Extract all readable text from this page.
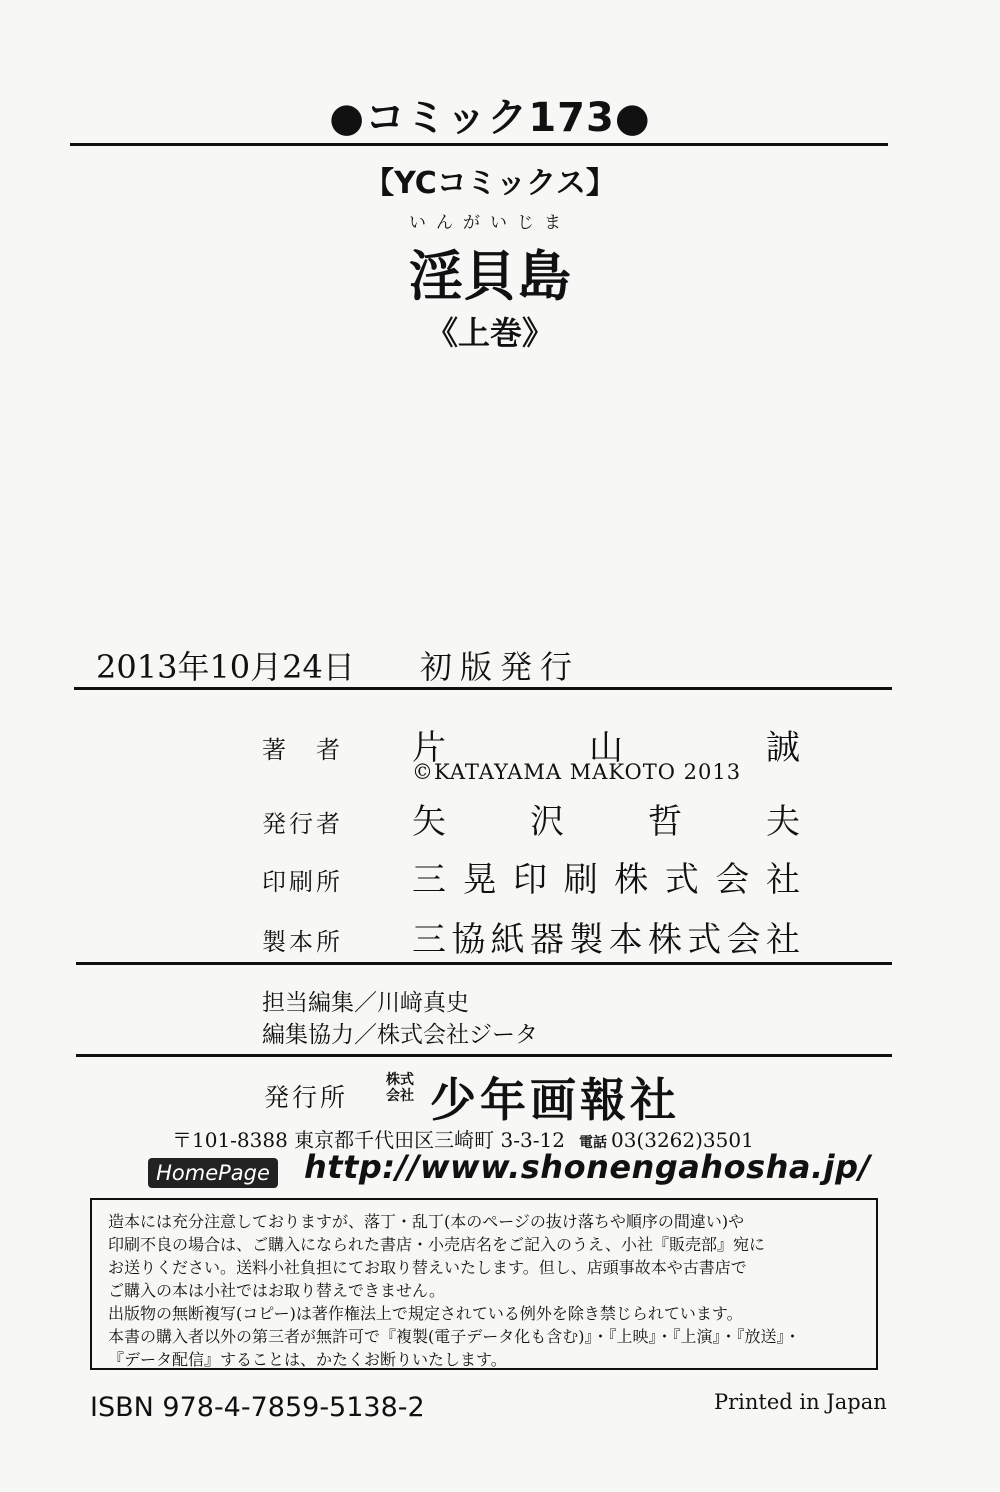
●コミック173●
【YCコミックス】
いんがいじま
淫貝島
《上巻》
2013年10月24日 初版発行
著　者 片	山	誠
©KATAYAMA MAKOTO 2013
発行者 矢 沢 哲 夫
印刷所 三 晃 印 刷 株 式 会 社
製本所 三 協 紙 器 製 本 株 式 会 社
担当編集／川﨑真史
編集協力／株式会社ジータ
発行所
株式会社 少年画報社
〒101-8388 東京都千代田区三崎町 3-3-12 電話 03(3262)3501
HomePage http://www.shonengahosha.jp/

造本には充分注意しておりますが、落丁・乱丁(本のページの抜け落ちや順序の間違い)や

印刷不良の場合は、ご購入になられた書店・小売店名をご記入のうえ、小社『販売部』宛に

お送りください。送料小社負担にてお取り替えいたします。但し、店頭事故本や古書店で

ご購入の本は小社ではお取り替えできません。

出版物の無断複写(コピー)は著作権法上で規定されている例外を除き禁じられています。

本書の購入者以外の第三者が無許可で『複製(電子データ化も含む)』・『上映』・『上演』・『放送』・

『データ配信』することは、かたくお断りいたします。

ISBN 978-4-7859-5138-2	Printed in Japan
